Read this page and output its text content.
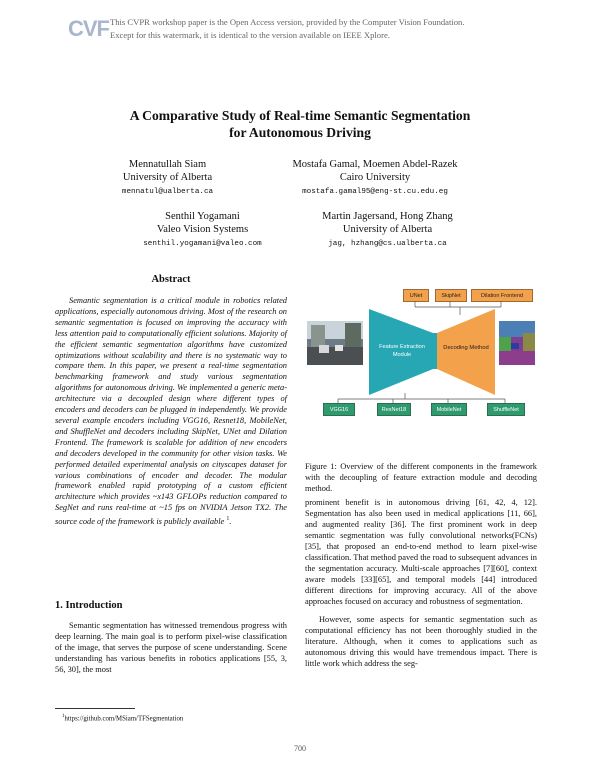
CVF This CVPR workshop paper is the Open Access version, provided by the Computer Vision Foundation.
Except for this watermark, it is identical to the version available on IEEE Xplore.
A Comparative Study of Real-time Semantic Segmentation
for Autonomous Driving
Mennatullah Siam
University of Alberta
mennatul@ualberta.ca
Mostafa Gamal, Moemen Abdel-Razek
Cairo University
mostafa.gamal95@eng-st.cu.edu.eg
Senthil Yogamani
Valeo Vision Systems
senthil.yogamani@valeo.com
Martin Jagersand, Hong Zhang
University of Alberta
jag, hzhang@cs.ualberta.ca
Abstract

Semantic segmentation is a critical module in robotics related applications, especially autonomous driving. Most of the research on semantic segmentation is focused on improving the accuracy with less attention paid to computationally efficient solutions. Majority of the efficient semantic segmentation algorithms have customized optimizations without scalability and there is no systematic way to compare them. In this paper, we present a real-time segmentation benchmarking framework and study various segmentation algorithms for autonomous driving. We implemented a generic meta-architecture via a decoupled design where different types of encoders and decoders can be plugged in independently. We provide several example encoders including VGG16, Resnet18, MobileNet, and ShuffleNet and decoders including SkipNet, UNet and Dilation Frontend. The framework is scalable for addition of new encoders and decoders developed in the community for other vision tasks. We performed detailed experimental analysis on cityscapes dataset for various combinations of encoder and decoder. The modular framework enabled rapid prototyping of a custom efficient architecture which provides ~x143 GFLOPs reduction compared to SegNet and runs real-time at ~15 fps on NVIDIA Jetson TX2. The source code of the framework is publicly available $^1$.

1. Introduction

Semantic segmentation has witnessed tremendous progress with deep learning. The main goal is to perform pixel-wise classification of the image, that serves the purpose of scene understanding. Scene understanding has various benefits in robotics applications [55, 3, 56, 30], the most

$^1$https://github.com/MSiam/TFSegmentation
UNet	SkipNet	Dilation Frontend
Feature Extraction Module
Decoding Method
VGG16	ResNet18	MobileNet	ShuffleNet
Figure 1: Overview of the different components in the framework with the decoupling of feature extraction module and decoding method.

prominent benefit is in autonomous driving [61, 42, 4, 12]. Segmentation has also been used in medical applications [11, 66], and augmented reality [36]. The first prominent work in deep semantic segmentation was fully convolutional networks(FCNs) [35], that proposed an end-to-end method to learn pixel-wise classification. That method paved the road to subsequent advances in the segmentation accuracy. Multi-scale approaches [7][60], context aware models [33][65], and temporal models [44] introduced different directions for improving accuracy. All of the above approaches focused on accuracy and robustness of segmentation.

However, some aspects for semantic segmentation such as computational efficiency has not been thoroughly studied in the literature. Although, when it comes to applications such as autonomous driving this would have tremendous impact. There is little work which address the seg-

700
